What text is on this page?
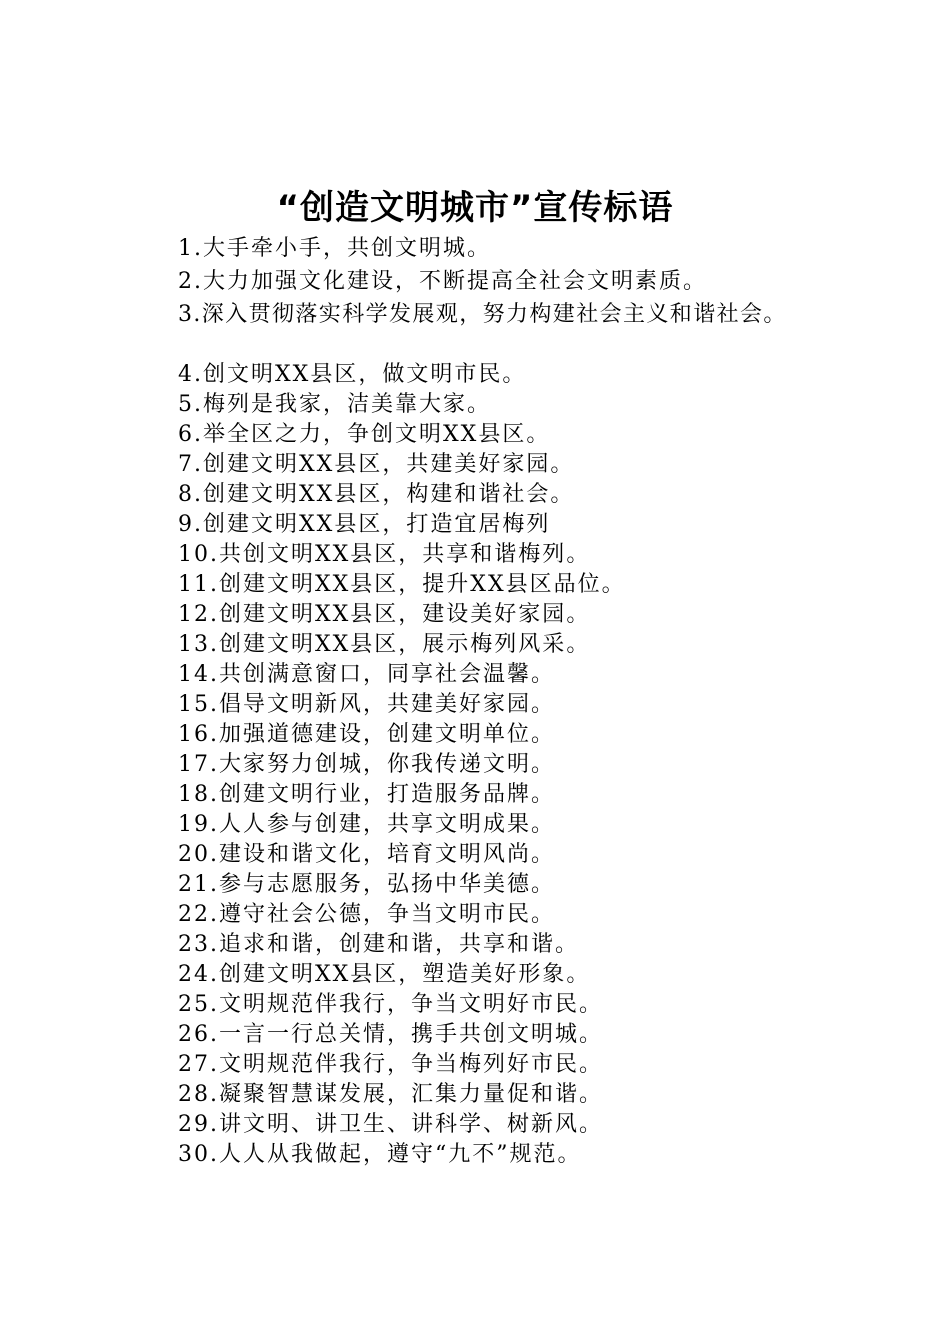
“创造文明城市”宣传标语
1.大手牵小手，共创文明城。
2.大力加强文化建设，不断提高全社会文明素质。
3.深入贯彻落实科学发展观，努力构建社会主义和谐社会。
4.创文明XX县区，做文明市民。
5.梅列是我家，洁美靠大家。
6.举全区之力，争创文明XX县区。
7.创建文明XX县区，共建美好家园。
8.创建文明XX县区，构建和谐社会。
9.创建文明XX县区，打造宜居梅列
10.共创文明XX县区，共享和谐梅列。
11.创建文明XX县区，提升XX县区品位。
12.创建文明XX县区，建设美好家园。
13.创建文明XX县区，展示梅列风采。
14.共创满意窗口，同享社会温馨。
15.倡导文明新风，共建美好家园。
16.加强道德建设，创建文明单位。
17.大家努力创城，你我传递文明。
18.创建文明行业，打造服务品牌。
19.人人参与创建，共享文明成果。
20.建设和谐文化，培育文明风尚。
21.参与志愿服务，弘扬中华美德。
22.遵守社会公德，争当文明市民。
23.追求和谐，创建和谐，共享和谐。
24.创建文明XX县区，塑造美好形象。
25.文明规范伴我行，争当文明好市民。
26.一言一行总关情，携手共创文明城。
27.文明规范伴我行，争当梅列好市民。
28.凝聚智慧谋发展，汇集力量促和谐。
29.讲文明、讲卫生、讲科学、树新风。
30.人人从我做起，遵守“九不”规范。
